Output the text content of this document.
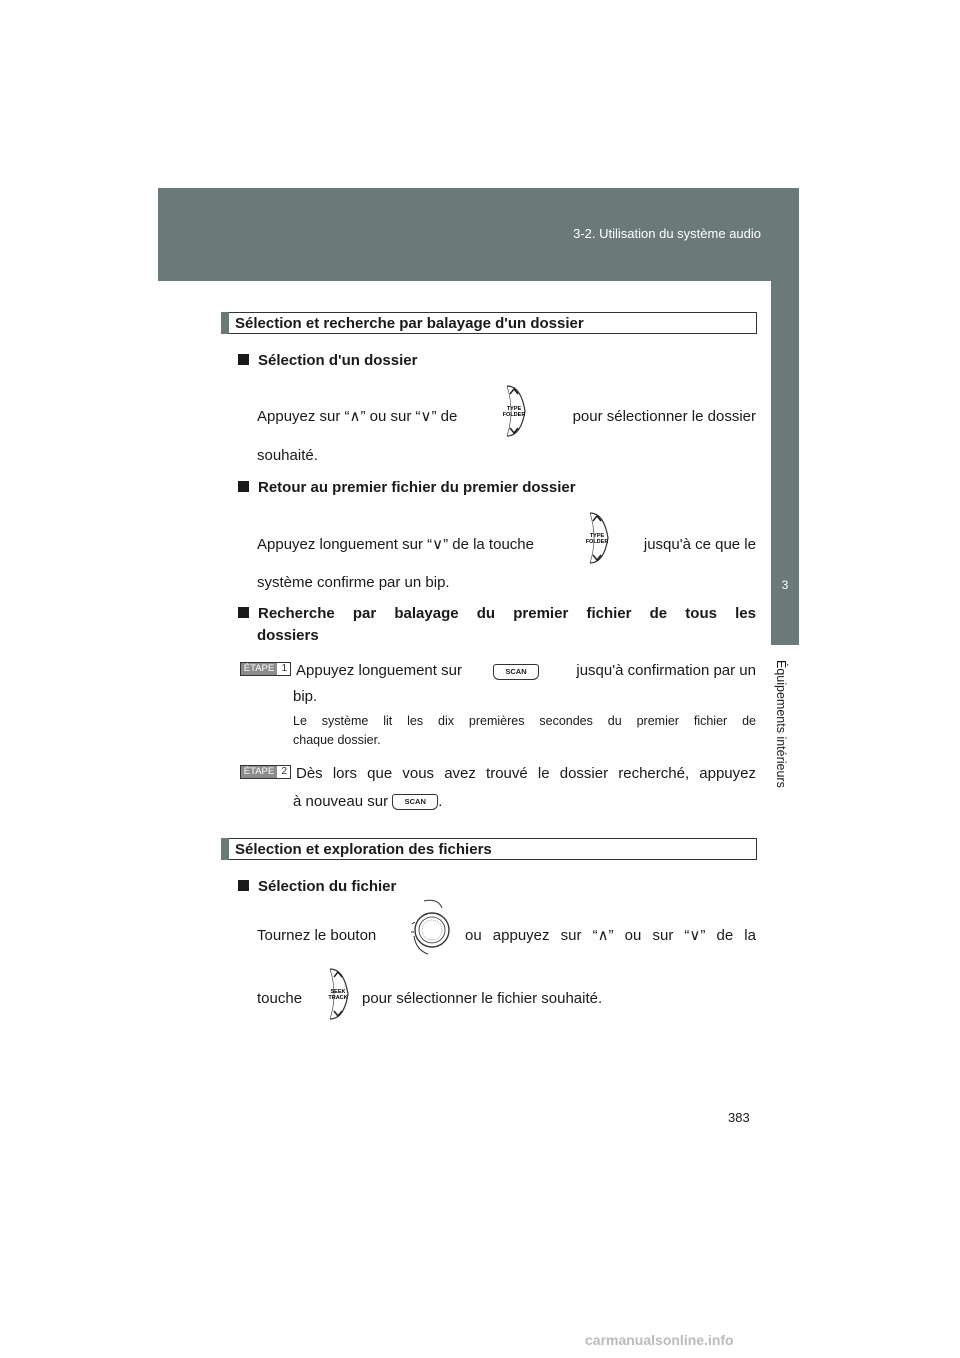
3-2. Utilisation du système audio
3
Équipements intérieurs
Sélection et recherche par balayage d'un dossier
Sélection d'un dossier
Appuyez sur “∧” ou sur “∨” de	TYPE
FOLDER	pour sélectionner le dossier
souhaité.
Retour au premier fichier du premier dossier
Appuyez longuement sur “∨” de la touche	TYPE
FOLDER	jusqu'à ce que le
système confirme par un bip.
Recherche par balayage du premier fichier de tous les
dossiers
ÉTAPE 1 Appuyez longuement sur	SCAN	jusqu'à confirmation par un
bip.
Le système lit les dix premières secondes du premier fichier de
chaque dossier.
ÉTAPE 2 Dès lors que vous avez trouvé le dossier recherché, appuyez
à nouveau sur SCAN .
Sélection et exploration des fichiers
Sélection du fichier
Tournez le bouton	ou appuyez sur “∧” ou sur “∨” de la
touche	SEEK
TRACK pour sélectionner le fichier souhaité.
383
carmanualsonline.info
